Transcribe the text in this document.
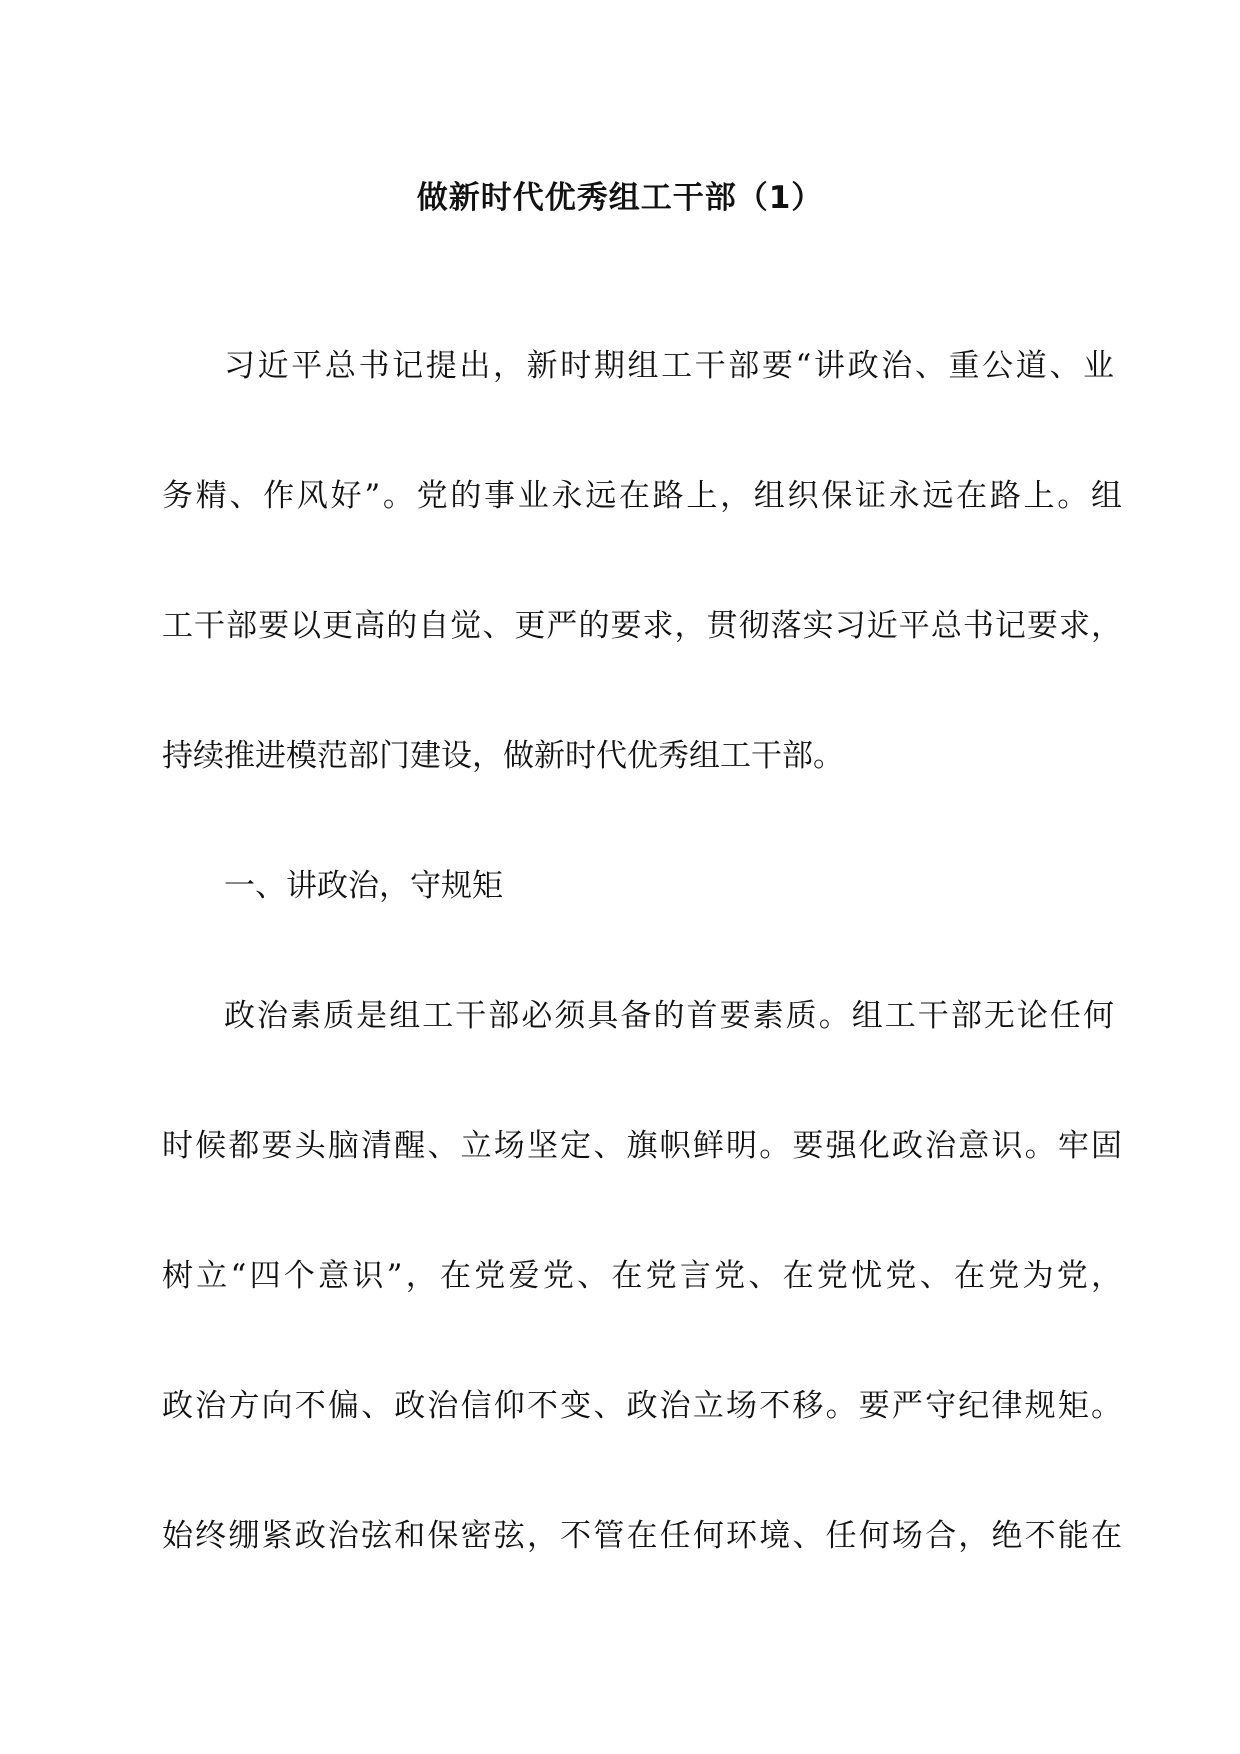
做新时代优秀组工干部（1）

习近平总书记提出，新时期组工干部要“讲政治、重公道、业

务精、作风好”。党的事业永远在路上，组织保证永远在路上。组

工干部要以更高的自觉、更严的要求，贯彻落实习近平总书记要求，

持续推进模范部门建设，做新时代优秀组工干部。

一、讲政治，守规矩

政治素质是组工干部必须具备的首要素质。组工干部无论任何

时候都要头脑清醒、立场坚定、旗帜鲜明。要强化政治意识。牢固

树立“四个意识”，在党爱党、在党言党、在党忧党、在党为党，

政治方向不偏、政治信仰不变、政治立场不移。要严守纪律规矩。

始终绷紧政治弦和保密弦，不管在任何环境、任何场合，绝不能在
